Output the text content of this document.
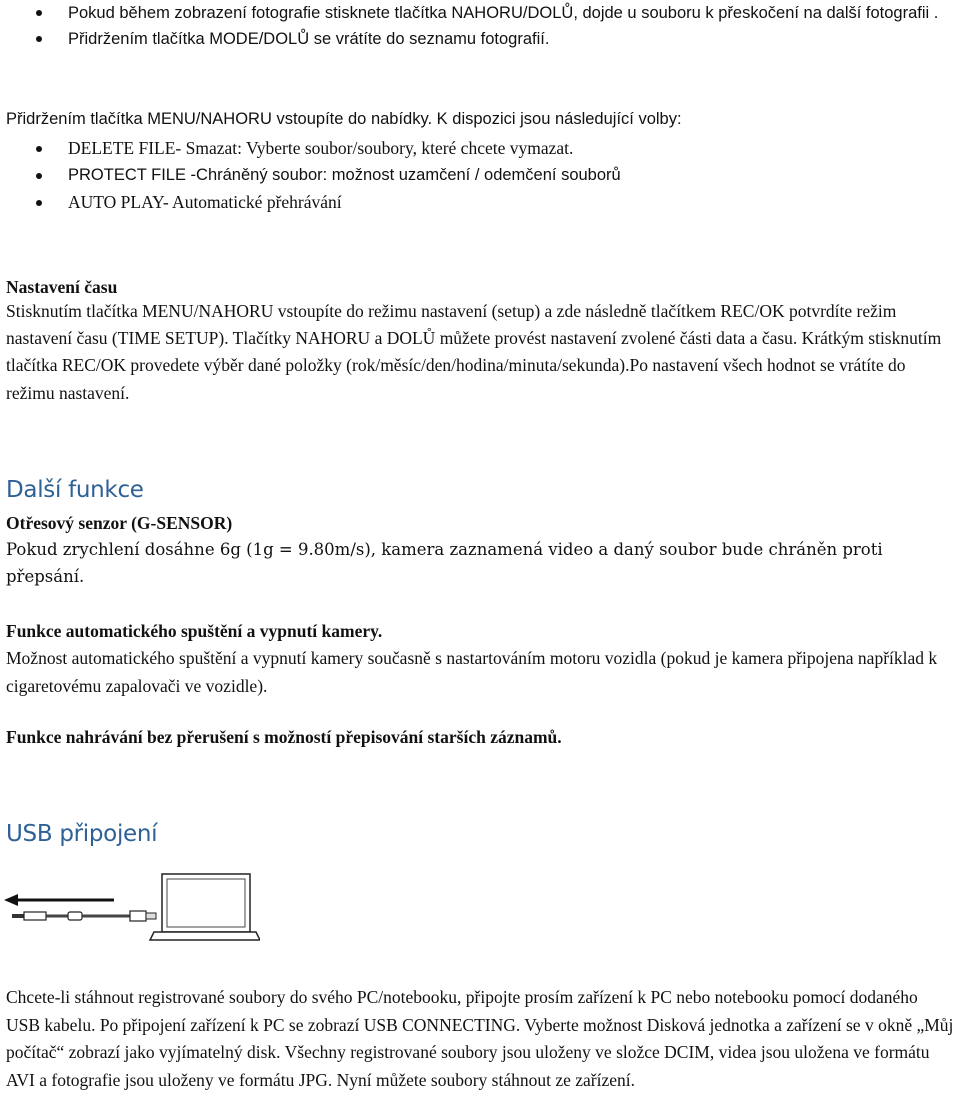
Pokud během zobrazení fotografie stisknete tlačítka NAHORU/DOLŮ, dojde u souboru k přeskočení na další fotografii .
Přidržením tlačítka MODE/DOLŮ se vrátíte do seznamu fotografií.
Přidržením tlačítka MENU/NAHORU vstoupíte do nabídky. K dispozici jsou následující volby:
DELETE FILE- Smazat: Vyberte soubor/soubory, které chcete vymazat.
PROTECT FILE -Chráněný soubor: možnost uzamčení / odemčení souborů
AUTO PLAY- Automatické přehrávání
Nastavení času
Stisknutím tlačítka MENU/NAHORU vstoupíte do režimu nastavení (setup) a zde následně tlačítkem REC/OK potvrdíte režim nastavení času (TIME SETUP). Tlačítky NAHORU a DOLŮ můžete provést nastavení zvolené části data a času. Krátkým stisknutím tlačítka REC/OK provedete výběr dané položky (rok/měsíc/den/hodina/minuta/sekunda).Po nastavení všech hodnot se vrátíte do režimu nastavení.
Další funkce
Otřesový senzor (G-SENSOR)
Pokud zrychlení dosáhne 6g (1g = 9.80m/s), kamera zaznamená video a daný soubor bude chráněn proti přepsání.
Funkce automatického spuštění a vypnutí kamery.
Možnost automatického spuštění a vypnutí kamery současně s nastartováním motoru vozidla (pokud je kamera připojena například k cigaretovému zapalovači ve vozidle).
Funkce nahrávání bez přerušení s možností přepisování starších záznamů.
USB připojení
Chcete-li stáhnout registrované soubory do svého PC/notebooku, připojte prosím zařízení k PC nebo notebooku pomocí dodaného USB kabelu. Po připojení zařízení k PC se zobrazí USB CONNECTING. Vyberte možnost Disková jednotka a zařízení se v okně „Můj počítač“ zobrazí jako vyjímatelný disk. Všechny registrované soubory jsou uloženy ve složce DCIM, videa jsou uložena ve formátu AVI a fotografie jsou uloženy ve formátu JPG. Nyní můžete soubory stáhnout ze zařízení.
